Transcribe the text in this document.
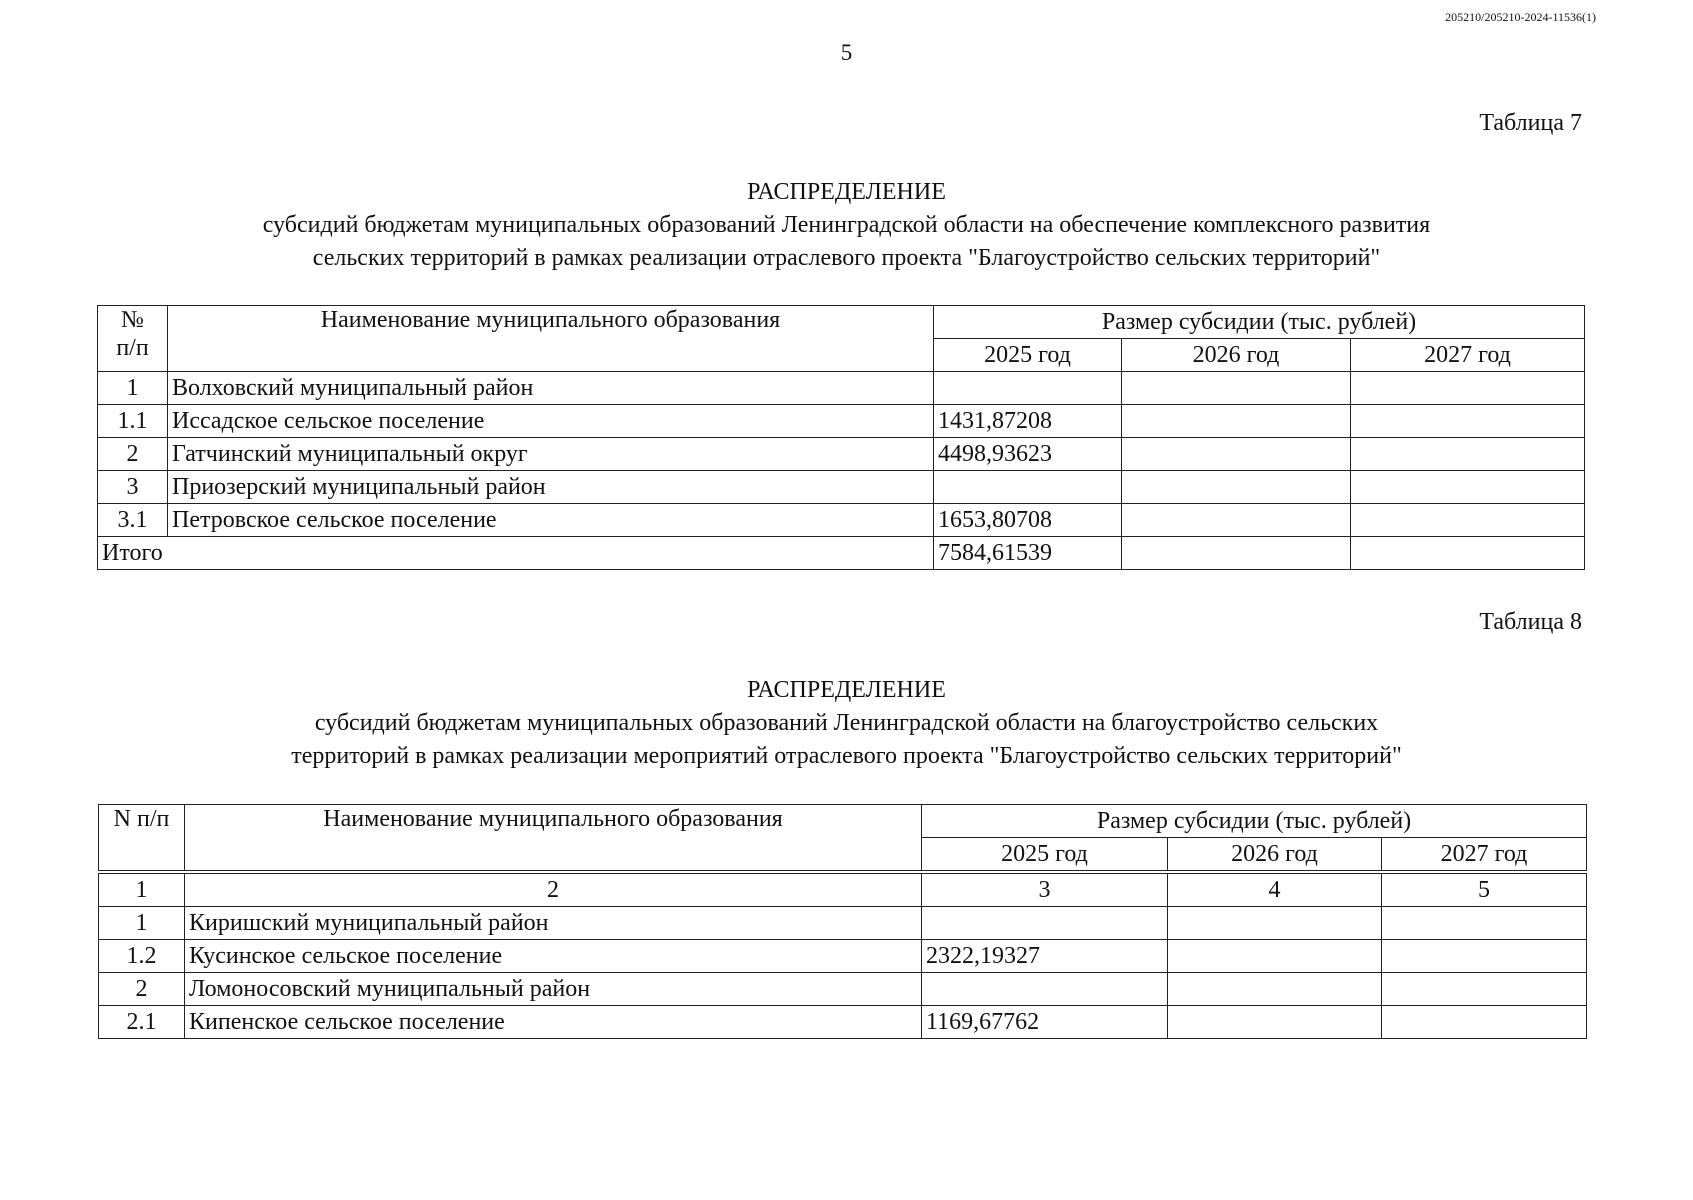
205210/205210-2024-11536(1)
5
Таблица 7
РАСПРЕДЕЛЕНИЕ
субсидий бюджетам муниципальных образований Ленинградской области на обеспечение комплексного развития
сельских территорий в рамках реализации отраслевого проекта "Благоустройство сельских территорий"
№
п/п	Наименование муниципального образования	Размер субсидии (тыс. рублей)		
		2025 год	2026 год	2027 год
1	Волховский муниципальный район			
1.1	Иссадское сельское поселение	1431,87208		
2	Гатчинский муниципальный округ	4498,93623		
3	Приозерский муниципальный район			
3.1	Петровское сельское поселение	1653,80708		
Итого		7584,61539		
Таблица 8
РАСПРЕДЕЛЕНИЕ
субсидий бюджетам муниципальных образований Ленинградской области на благоустройство сельских
территорий в рамках реализации мероприятий отраслевого проекта "Благоустройство сельских территорий"
N п/п	Наименование муниципального образования	Размер субсидии (тыс. рублей)		
		2025 год	2026 год	2027 год
1	2	3	4	5
1	Киришский муниципальный район			
1.2	Кусинское сельское поселение	2322,19327		
2	Ломоносовский муниципальный район			
2.1	Кипенское сельское поселение	1169,67762		
